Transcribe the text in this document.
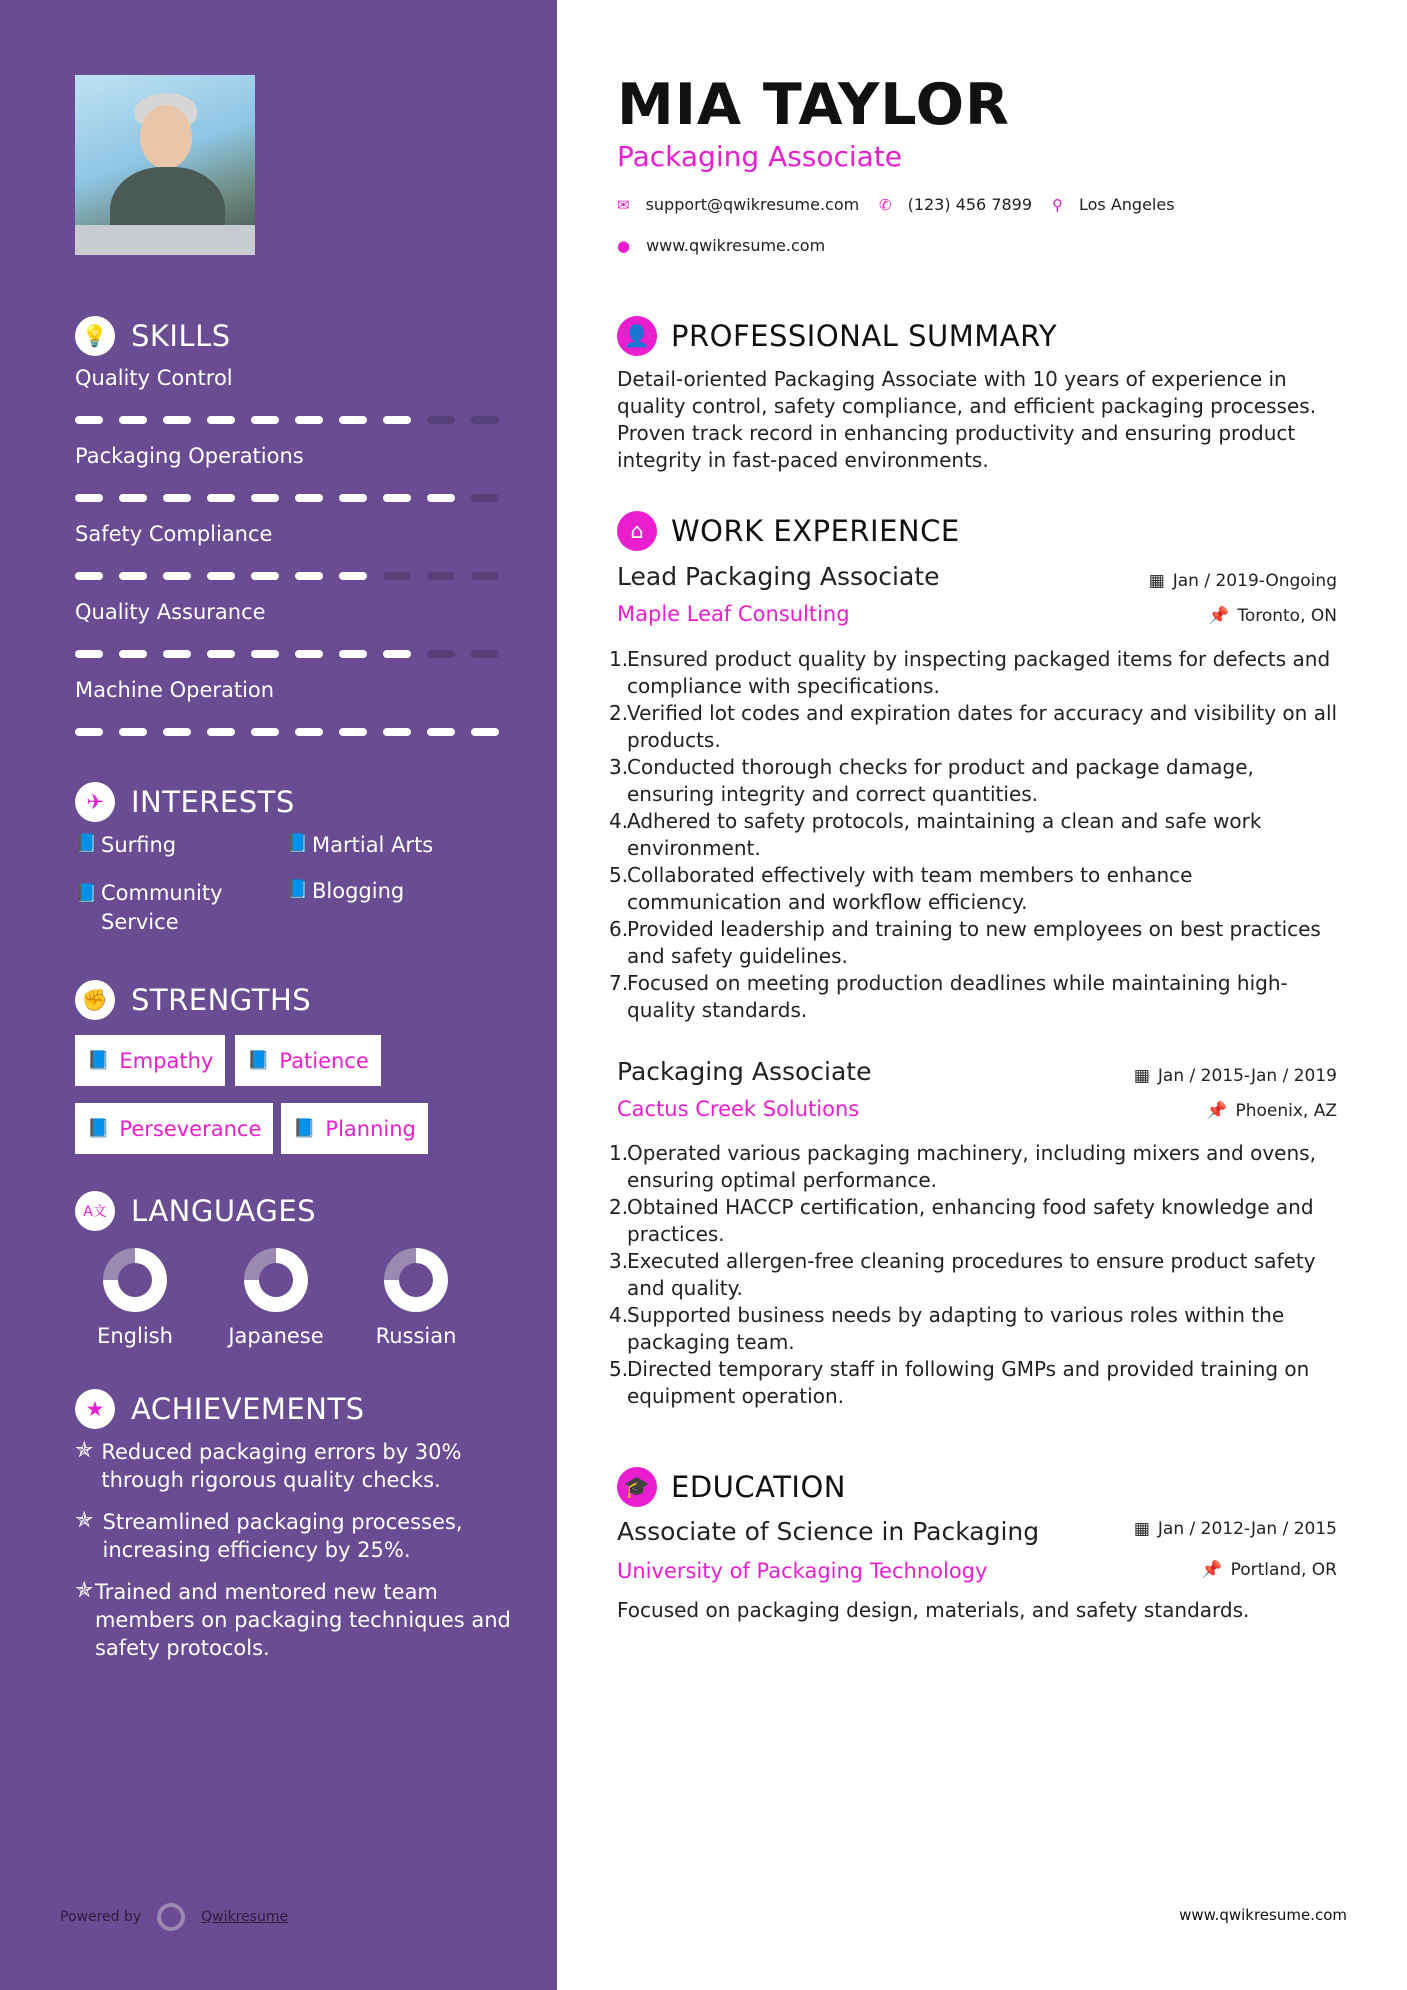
💡 SKILLS
Quality Control
Packaging Operations
Safety Compliance
Quality Assurance
Machine Operation
✈ INTERESTS
📘 Surfing	📘 Martial Arts
📘 Community Service
📘 Blogging
✊ STRENGTHS
📘 Empathy 📘 Patience
📘 Perseverance 📘 Planning
A文 LANGUAGES
English	Japanese	Russian
★ ACHIEVEMENTS
✯ Reduced packaging errors by 30% through rigorous quality checks.
✯ Streamlined packaging processes, increasing efficiency by 25%.
✯ Trained and mentored new team members on packaging techniques and safety protocols.
Powered by	Qwikresume
MIA TAYLOR
Packaging Associate
✉ support@qwikresume.com ✆ (123) 456 7899 ⚲ Los Angeles
● www.qwikresume.com
👤 PROFESSIONAL SUMMARY
Detail-oriented Packaging Associate with 10 years of experience in quality control, safety compliance, and efficient packaging processes. Proven track record in enhancing productivity and ensuring product integrity in fast-paced environments.
⌂ WORK EXPERIENCE
Lead Packaging Associate	▦ Jan / 2019-Ongoing
Maple Leaf Consulting	📌 Toronto, ON
1.
Ensured product quality by inspecting packaged items for defects and compliance with specifications.
2.
Verified lot codes and expiration dates for accuracy and visibility on all products.
3.
Conducted thorough checks for product and package damage, ensuring integrity and correct quantities.
4.
Adhered to safety protocols, maintaining a clean and safe work environment.
5.
Collaborated effectively with team members to enhance communication and workflow efficiency.
6.
Provided leadership and training to new employees on best practices and safety guidelines.
7.
Focused on meeting production deadlines while maintaining high-quality standards.
Packaging Associate	▦ Jan / 2015-Jan / 2019
Cactus Creek Solutions	📌 Phoenix, AZ
1.
Operated various packaging machinery, including mixers and ovens, ensuring optimal performance.
2.
Obtained HACCP certification, enhancing food safety knowledge and practices.
3.
Executed allergen-free cleaning procedures to ensure product safety and quality.
4.
Supported business needs by adapting to various roles within the packaging team.
5.
Directed temporary staff in following GMPs and provided training on equipment operation.
🎓 EDUCATION
Associate of Science in Packaging	▦ Jan / 2012-Jan / 2015
University of Packaging Technology	📌 Portland, OR
Focused on packaging design, materials, and safety standards.
www.qwikresume.com
